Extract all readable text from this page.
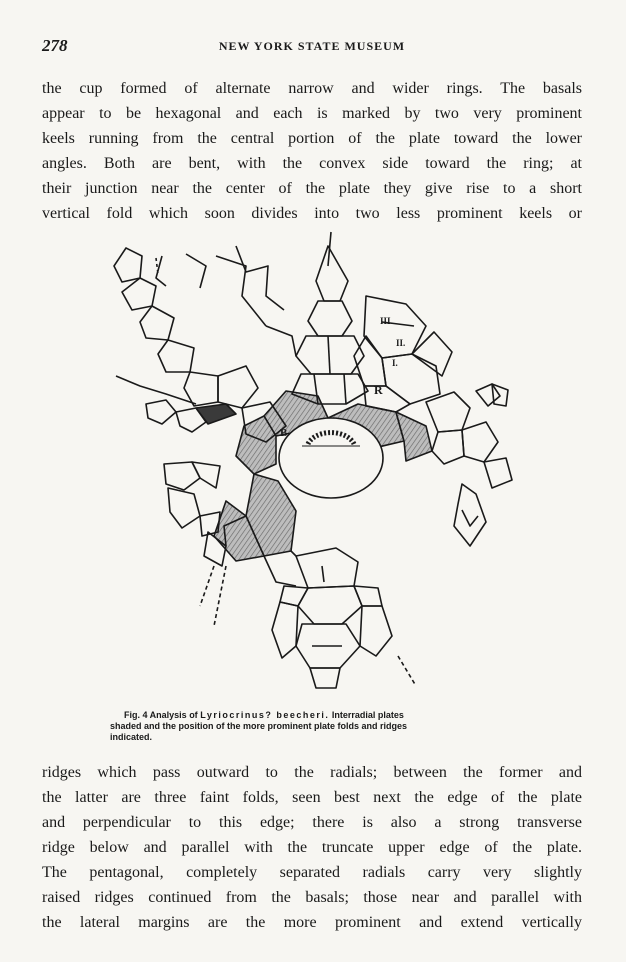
278	NEW YORK STATE MUSEUM
the cup formed of alternate narrow and wider rings. The basals
appear to be hexagonal and each is marked by two very prominent
keels running from the central portion of the plate toward the lower
angles. Both are bent, with the convex side toward the ring; at
their junction near the center of the plate they give rise to a short
vertical fold which soon divides into two less prominent keels or
B
R
III.
II.
I.
Fig. 4 Analysis of Lyriocrinus? beecheri. Interradial plates
shaded and the position of the more prominent plate folds and ridges
indicated.
ridges which pass outward to the radials; between the former and
the latter are three faint folds, seen best next the edge of the plate
and perpendicular to this edge; there is also a strong transverse
ridge below and parallel with the truncate upper edge of the plate.
The pentagonal, completely separated radials carry very slightly
raised ridges continued from the basals; those near and parallel with
the lateral margins are the more prominent and extend vertically
